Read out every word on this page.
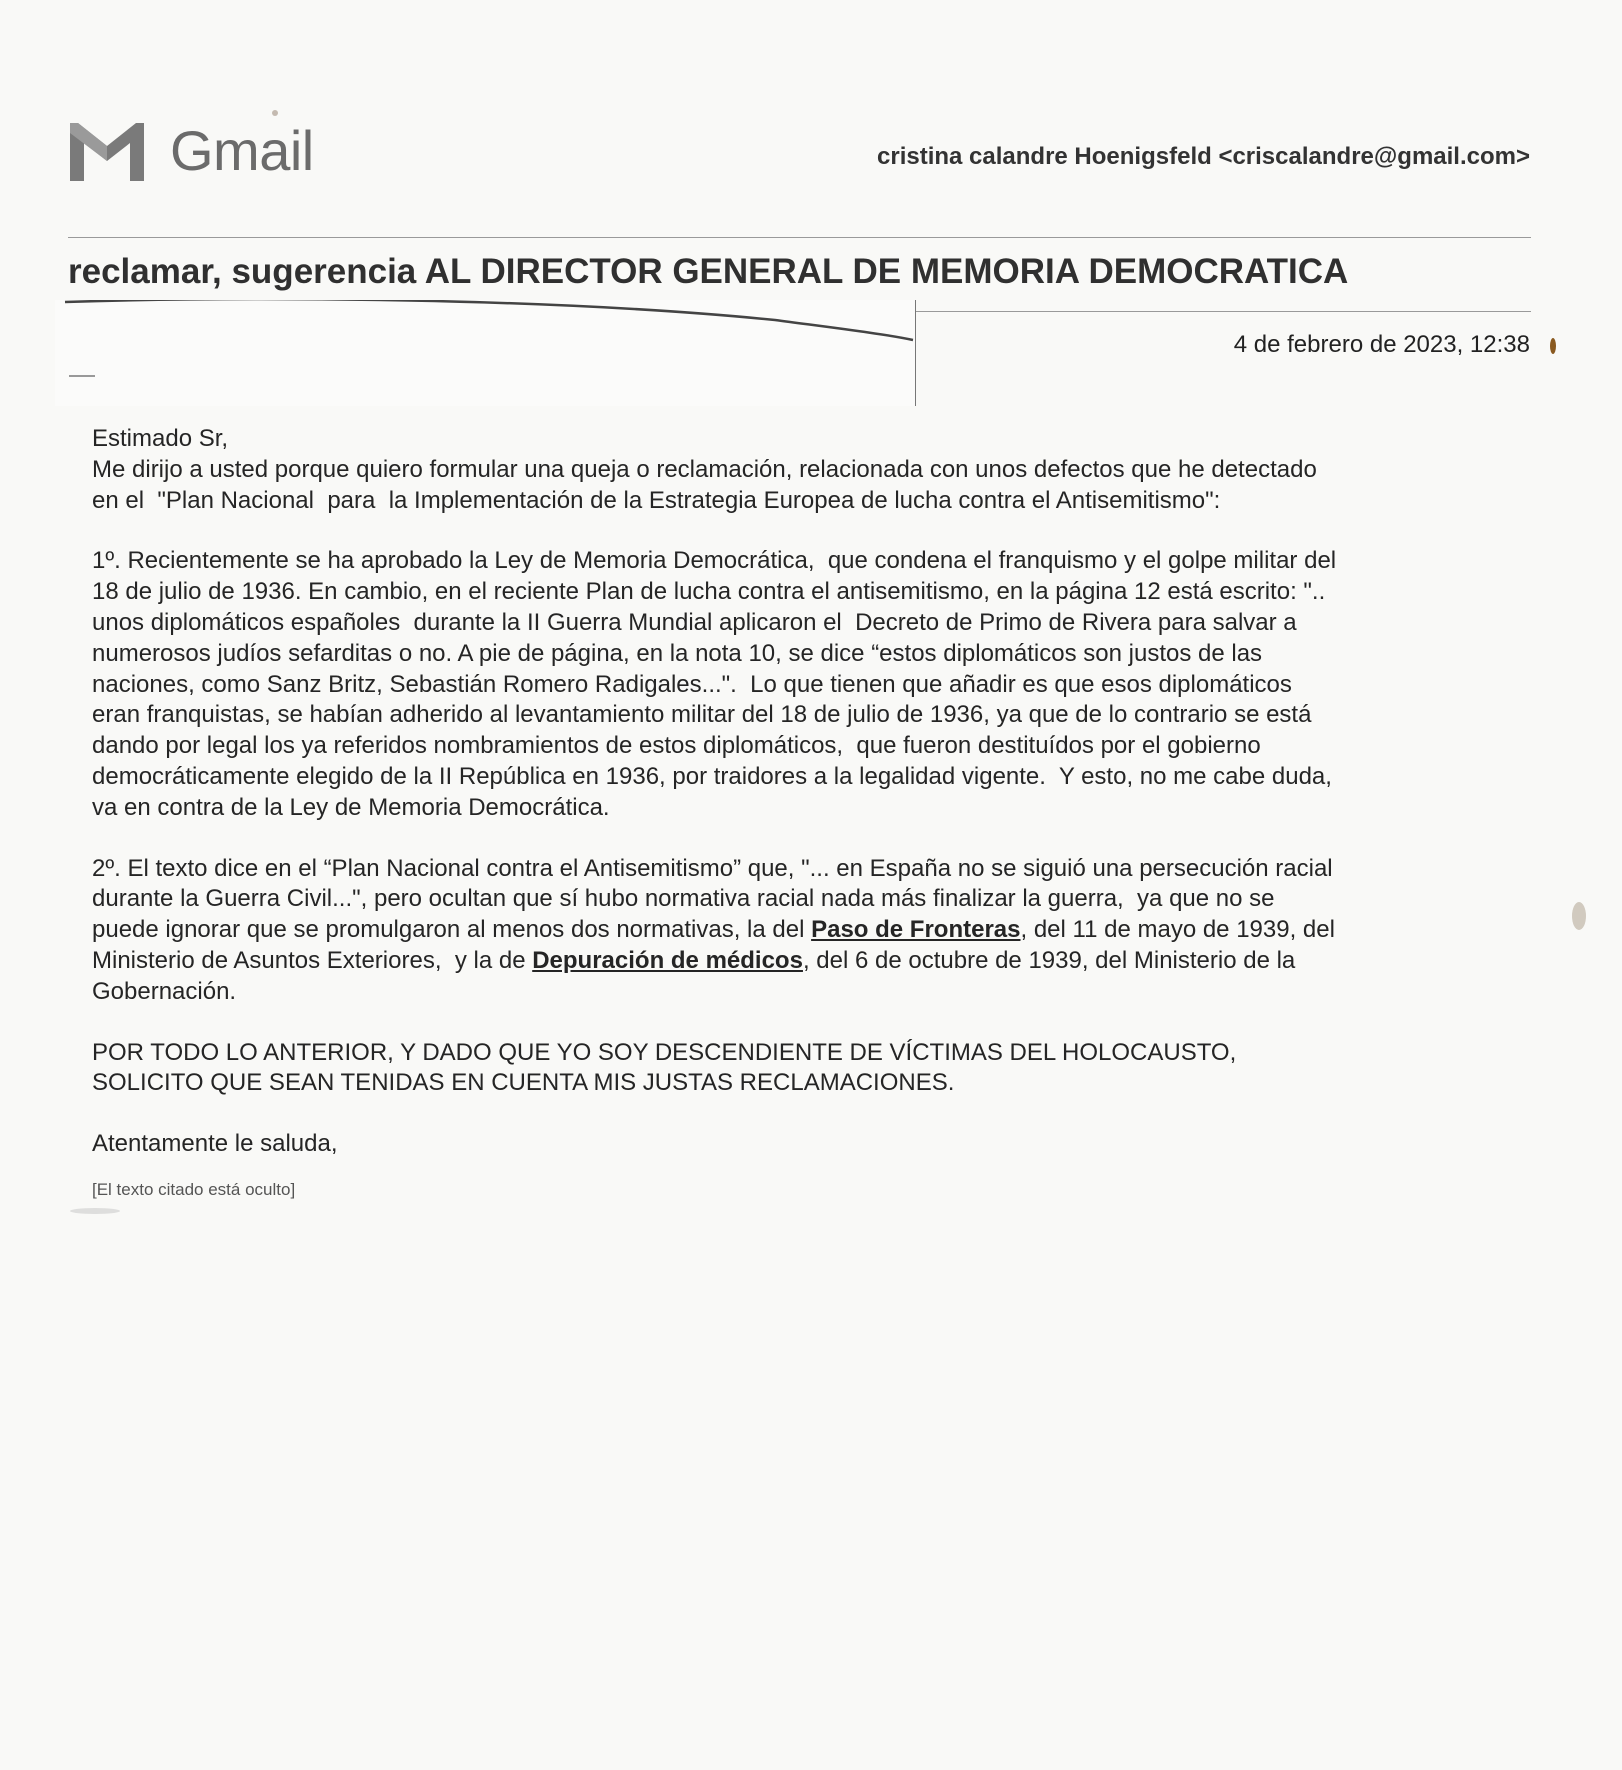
Gmail	cristina calandre Hoenigsfeld <criscalandre@gmail.com>
reclamar, sugerencia AL DIRECTOR GENERAL DE MEMORIA DEMOCRATICA
4 de febrero de 2023, 12:38

Estimado Sr,

Me dirijo a usted porque quiero formular una queja o reclamación, relacionada con unos defectos que he detectado

en el  "Plan Nacional  para  la Implementación de la Estrategia Europea de lucha contra el Antisemitismo":

1º. Recientemente se ha aprobado la Ley de Memoria Democrática,  que condena el franquismo y el golpe militar del

18 de julio de 1936. En cambio, en el reciente Plan de lucha contra el antisemitismo, en la página 12 está escrito: "..

unos diplomáticos españoles  durante la II Guerra Mundial aplicaron el  Decreto de Primo de Rivera para salvar a

numerosos judíos sefarditas o no. A pie de página, en la nota 10, se dice “estos diplomáticos son justos de las

naciones, como Sanz Britz, Sebastián Romero Radigales...".  Lo que tienen que añadir es que esos diplomáticos

eran franquistas, se habían adherido al levantamiento militar del 18 de julio de 1936, ya que de lo contrario se está

dando por legal los ya referidos nombramientos de estos diplomáticos,  que fueron destituídos por el gobierno

democráticamente elegido de la II República en 1936, por traidores a la legalidad vigente.  Y esto, no me cabe duda,

va en contra de la Ley de Memoria Democrática.

2º. El texto dice en el “Plan Nacional contra el Antisemitismo” que, "... en España no se siguió una persecución racial

durante la Guerra Civil...", pero ocultan que sí hubo normativa racial nada más finalizar la guerra,  ya que no se

puede ignorar que se promulgaron al menos dos normativas, la del Paso de Fronteras, del 11 de mayo de 1939, del

Ministerio de Asuntos Exteriores,  y la de Depuración de médicos, del 6 de octubre de 1939, del Ministerio de la

Gobernación.

POR TODO LO ANTERIOR, Y DADO QUE YO SOY DESCENDIENTE DE VÍCTIMAS DEL HOLOCAUSTO,

SOLICITO QUE SEAN TENIDAS EN CUENTA MIS JUSTAS RECLAMACIONES.

Atentamente le saluda,

[El texto citado está oculto]
